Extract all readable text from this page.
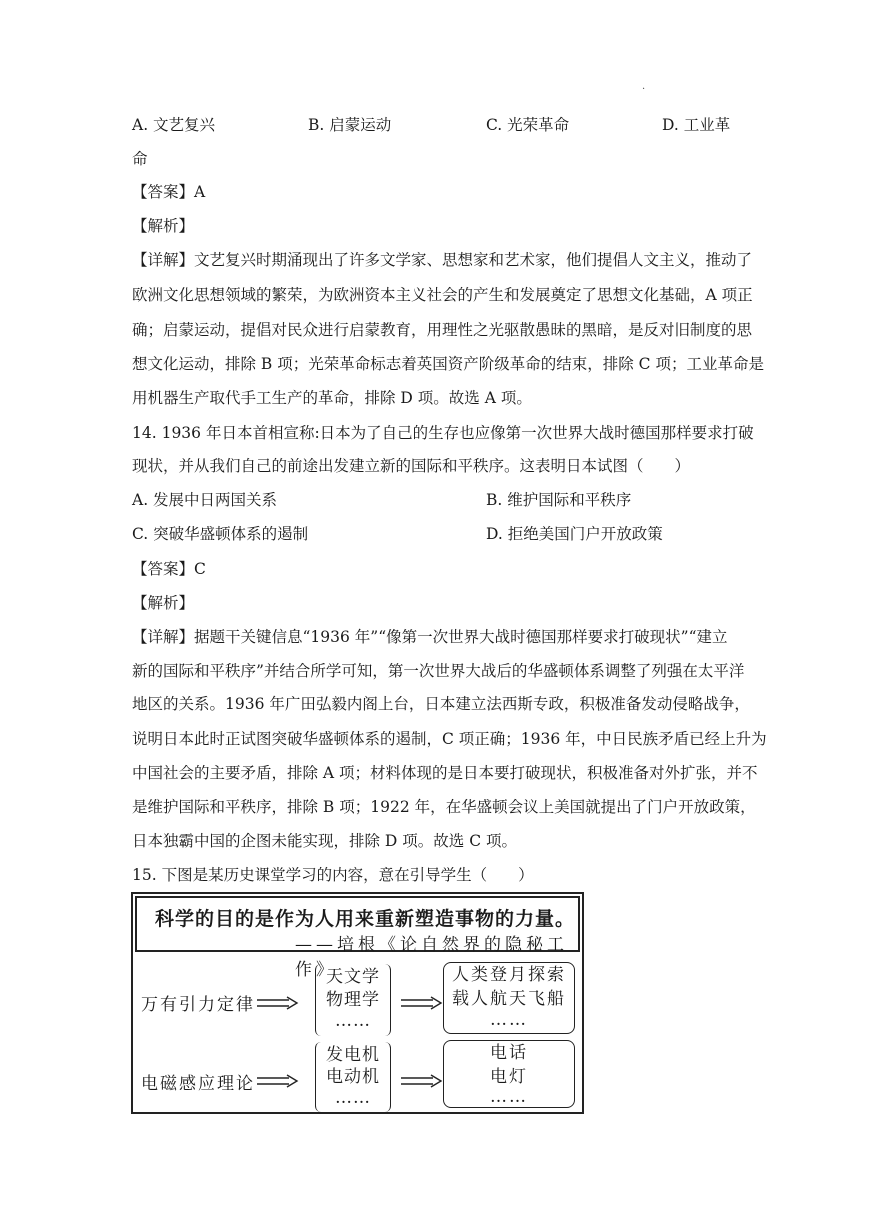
·
A. 文艺复兴	B. 启蒙运动	C. 光荣革命	D. 工业革
命
【答案】A
【解析】
【详解】文艺复兴时期涌现出了许多文学家、思想家和艺术家，他们提倡人文主义，推动了
欧洲文化思想领域的繁荣，为欧洲资本主义社会的产生和发展奠定了思想文化基础，A 项正
确；启蒙运动，提倡对民众进行启蒙教育，用理性之光驱散愚昧的黑暗，是反对旧制度的思
想文化运动，排除 B 项；光荣革命标志着英国资产阶级革命的结束，排除 C 项；工业革命是
用机器生产取代手工生产的革命，排除 D 项。故选 A 项。
14. 1936 年日本首相宣称:日本为了自己的生存也应像第一次世界大战时德国那样要求打破
现状，并从我们自己的前途出发建立新的国际和平秩序。这表明日本试图（　　）
A. 发展中日两国关系	B. 维护国际和平秩序
C. 突破华盛顿体系的遏制	D. 拒绝美国门户开放政策
【答案】C
【解析】
【详解】据题干关键信息“1936 年”“像第一次世界大战时德国那样要求打破现状”“建立
新的国际和平秩序”并结合所学可知，第一次世界大战后的华盛顿体系调整了列强在太平洋
地区的关系。1936 年广田弘毅内阁上台，日本建立法西斯专政，积极准备发动侵略战争，
说明日本此时正试图突破华盛顿体系的遏制，C 项正确；1936 年，中日民族矛盾已经上升为
中国社会的主要矛盾，排除 A 项；材料体现的是日本要打破现状，积极准备对外扩张，并不
是维护国际和平秩序，排除 B 项；1922 年，在华盛顿会议上美国就提出了门户开放政策，
日本独霸中国的企图未能实现，排除 D 项。故选 C 项。
15. 下图是某历史课堂学习的内容，意在引导学生（　　）
科学的目的是作为人用来重新塑造事物的力量。
——培根《论自然界的隐秘工作》
万有引力定律
天文学
物理学
……
人类登月探索
载人航天飞船
……
电磁感应理论
发电机
电动机
……
电话
电灯
……
